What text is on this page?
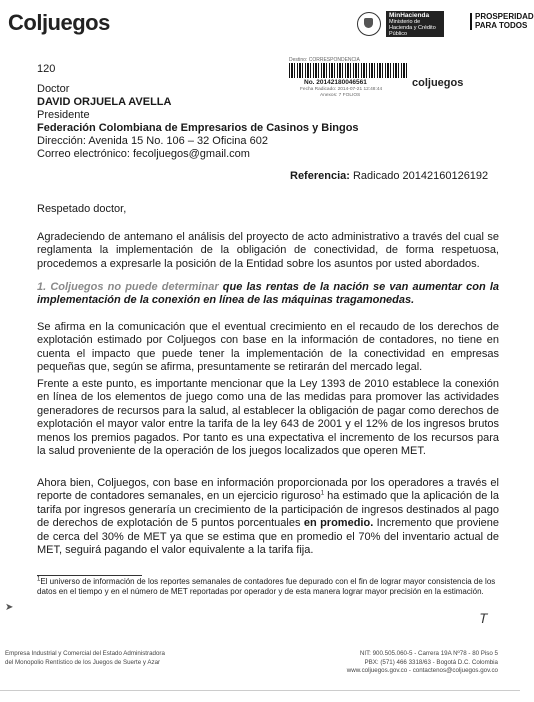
Coljuegos	MinHacienda
Ministerio de Hacienda y Crédito Público
PROSPERIDAD
PARA TODOS
Destino: CORRESPONDENCIA
No. 20142180046561
Fecha Radicado: 2014-07-21 12:48:44
Anexos: 7 FOLIOS
coljuegos
120
Doctor
DAVID ORJUELA AVELLA
Presidente
Federación Colombiana de Empresarios de Casinos y Bingos
Dirección: Avenida 15 No. 106 – 32 Oficina 602
Correo electrónico: fecoljuegos@gmail.com
Referencia: Radicado 20142160126192
Respetado doctor,
Agradeciendo de antemano el análisis del proyecto de acto administrativo a través del cual se reglamenta la implementación de la obligación de conectividad, de forma respetuosa, procedemos a expresarle la posición de la Entidad sobre los asuntos por usted abordados.
1. Coljuegos no puede determinar que las rentas de la nación se van aumentar con la implementación de la conexión en línea de las máquinas tragamonedas.
Se afirma en la comunicación que el eventual crecimiento en el recaudo de los derechos de explotación estimado por Coljuegos con base en la información de contadores, no tiene en cuenta el impacto que puede tener la implementación de la conectividad en empresas pequeñas que, según se afirma, presuntamente se retirarán del mercado legal.
Frente a este punto, es importante mencionar que la Ley 1393 de 2010 establece la conexión en línea de los elementos de juego como una de las medidas para promover las actividades generadores de recursos para la salud, al establecer la obligación de pagar como derechos de explotación el mayor valor entre la tarifa de la ley 643 de 2001 y el 12% de los ingresos brutos menos los premios pagados. Por tanto es una expectativa el incremento de los recursos para la salud proveniente de la operación de los juegos localizados que operen MET.
Ahora bien, Coljuegos, con base en información proporcionada por los operadores a través el reporte de contadores semanales, en un ejercicio riguroso$^1$ ha estimado que la aplicación de la tarifa por ingresos generaría un crecimiento de la participación de ingresos destinados al pago de derechos de explotación de 5 puntos porcentuales en promedio. Incremento que proviene de cerca del 30% de MET ya que se estima que en promedio el 70% del inventario actual de MET, seguirá pagando el valor equivalente a la tarifa fija.
$^1$El universo de información de los reportes semanales de contadores fue depurado con el fin de lograr mayor consistencia de los datos en el tiempo y en el número de MET reportadas por operador y de esta manera lograr mayor precisión en la estimación.
➤
𝑇
Empresa Industrial y Comercial del Estado Administradora
del Monopolio Rentístico de los Juegos de Suerte y Azar
NIT: 900.505.060-5 - Carrera 19A Nº78 - 80 Piso 5
PBX: (571) 466 3318/63 - Bogotá D.C. Colombia
www.coljuegos.gov.co - contactenos@coljuegos.gov.co
